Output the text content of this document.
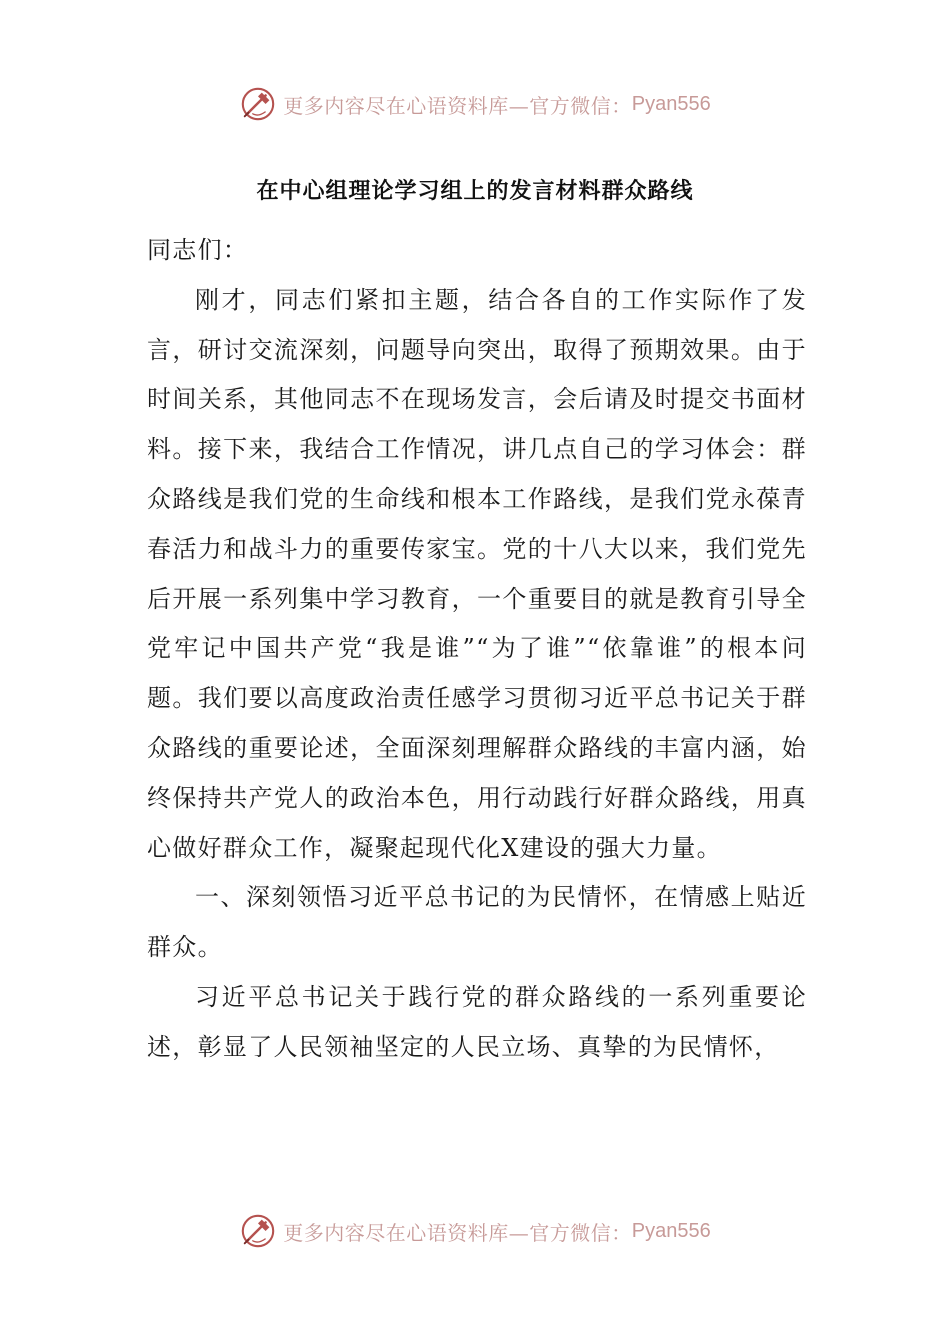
更多内容尽在心语资料库—官方微信： Pyan556
在中心组理论学习组上的发言材料群众路线

同志们：

刚才，同志们紧扣主题，结合各自的工作实际作了发言，研讨交流深刻，问题导向突出，取得了预期效果。由于时间关系，其他同志不在现场发言，会后请及时提交书面材料。接下来，我结合工作情况，讲几点自己的学习体会：群众路线是我们党的生命线和根本工作路线，是我们党永葆青春活力和战斗力的重要传家宝。党的十八大以来，我们党先后开展一系列集中学习教育，一个重要目的就是教育引导全党牢记中国共产党“我是谁”“为了谁”“依靠谁”的根本问题。我们要以高度政治责任感学习贯彻习近平总书记关于群众路线的重要论述，全面深刻理解群众路线的丰富内涵，始终保持共产党人的政治本色，用行动践行好群众路线，用真心做好群众工作，凝聚起现代化X建设的强大力量。

一、深刻领悟习近平总书记的为民情怀，在情感上贴近群众。

习近平总书记关于践行党的群众路线的一系列重要论述，彰显了人民领袖坚定的人民立场、真挚的为民情怀，

更多内容尽在心语资料库—官方微信： Pyan556
